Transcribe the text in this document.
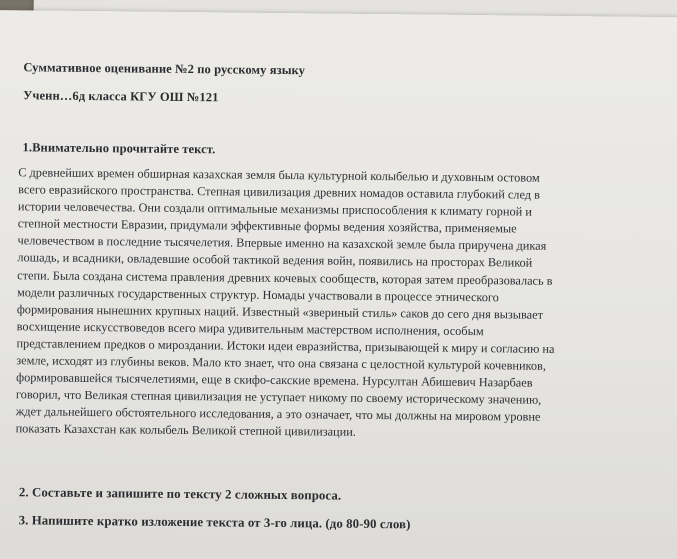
Суммативное оценивание №2 по русскому языку
Ученн…6д класса КГУ ОШ №121
1.Внимательно прочитайте текст.
С древнейших времен обширная казахская земля была культурной колыбелью и духовным остовом
всего евразийского пространства. Степная цивилизация древних номадов оставила глубокий след в
истории человечества. Они создали оптимальные механизмы приспособления к климату горной и
степной местности Евразии, придумали эффективные формы ведения хозяйства, применяемые
человечеством в последние тысячелетия. Впервые именно на казахской земле была приручена дикая
лошадь, и всадники, овладевшие особой тактикой ведения войн, появились на просторах Великой
степи. Была создана система правления древних кочевых сообществ, которая затем преобразовалась в
модели различных государственных структур. Номады участвовали в процессе этнического
формирования нынешних крупных наций. Известный «звериный стиль» саков до сего дня вызывает
восхищение искусствоведов всего мира удивительным мастерством исполнения, особым
представлением предков о мироздании. Истоки идеи евразийства, призывающей к миру и согласию на
земле, исходят из глубины веков. Мало кто знает, что она связана с целостной культурой кочевников,
формировавшейся тысячелетиями, еще в скифо-сакские времена. Нурсултан Абишевич Назарбаев
говорил, что Великая степная цивилизация не уступает никому по своему историческому значению,
ждет дальнейшего обстоятельного исследования, а это означает, что мы должны на мировом уровне
показать Казахстан как колыбель Великой степной цивилизации.
2. Составьте и запишите по тексту 2 сложных вопроса.
3. Напишите кратко изложение текста от 3-го лица. (до 80-90 слов)
